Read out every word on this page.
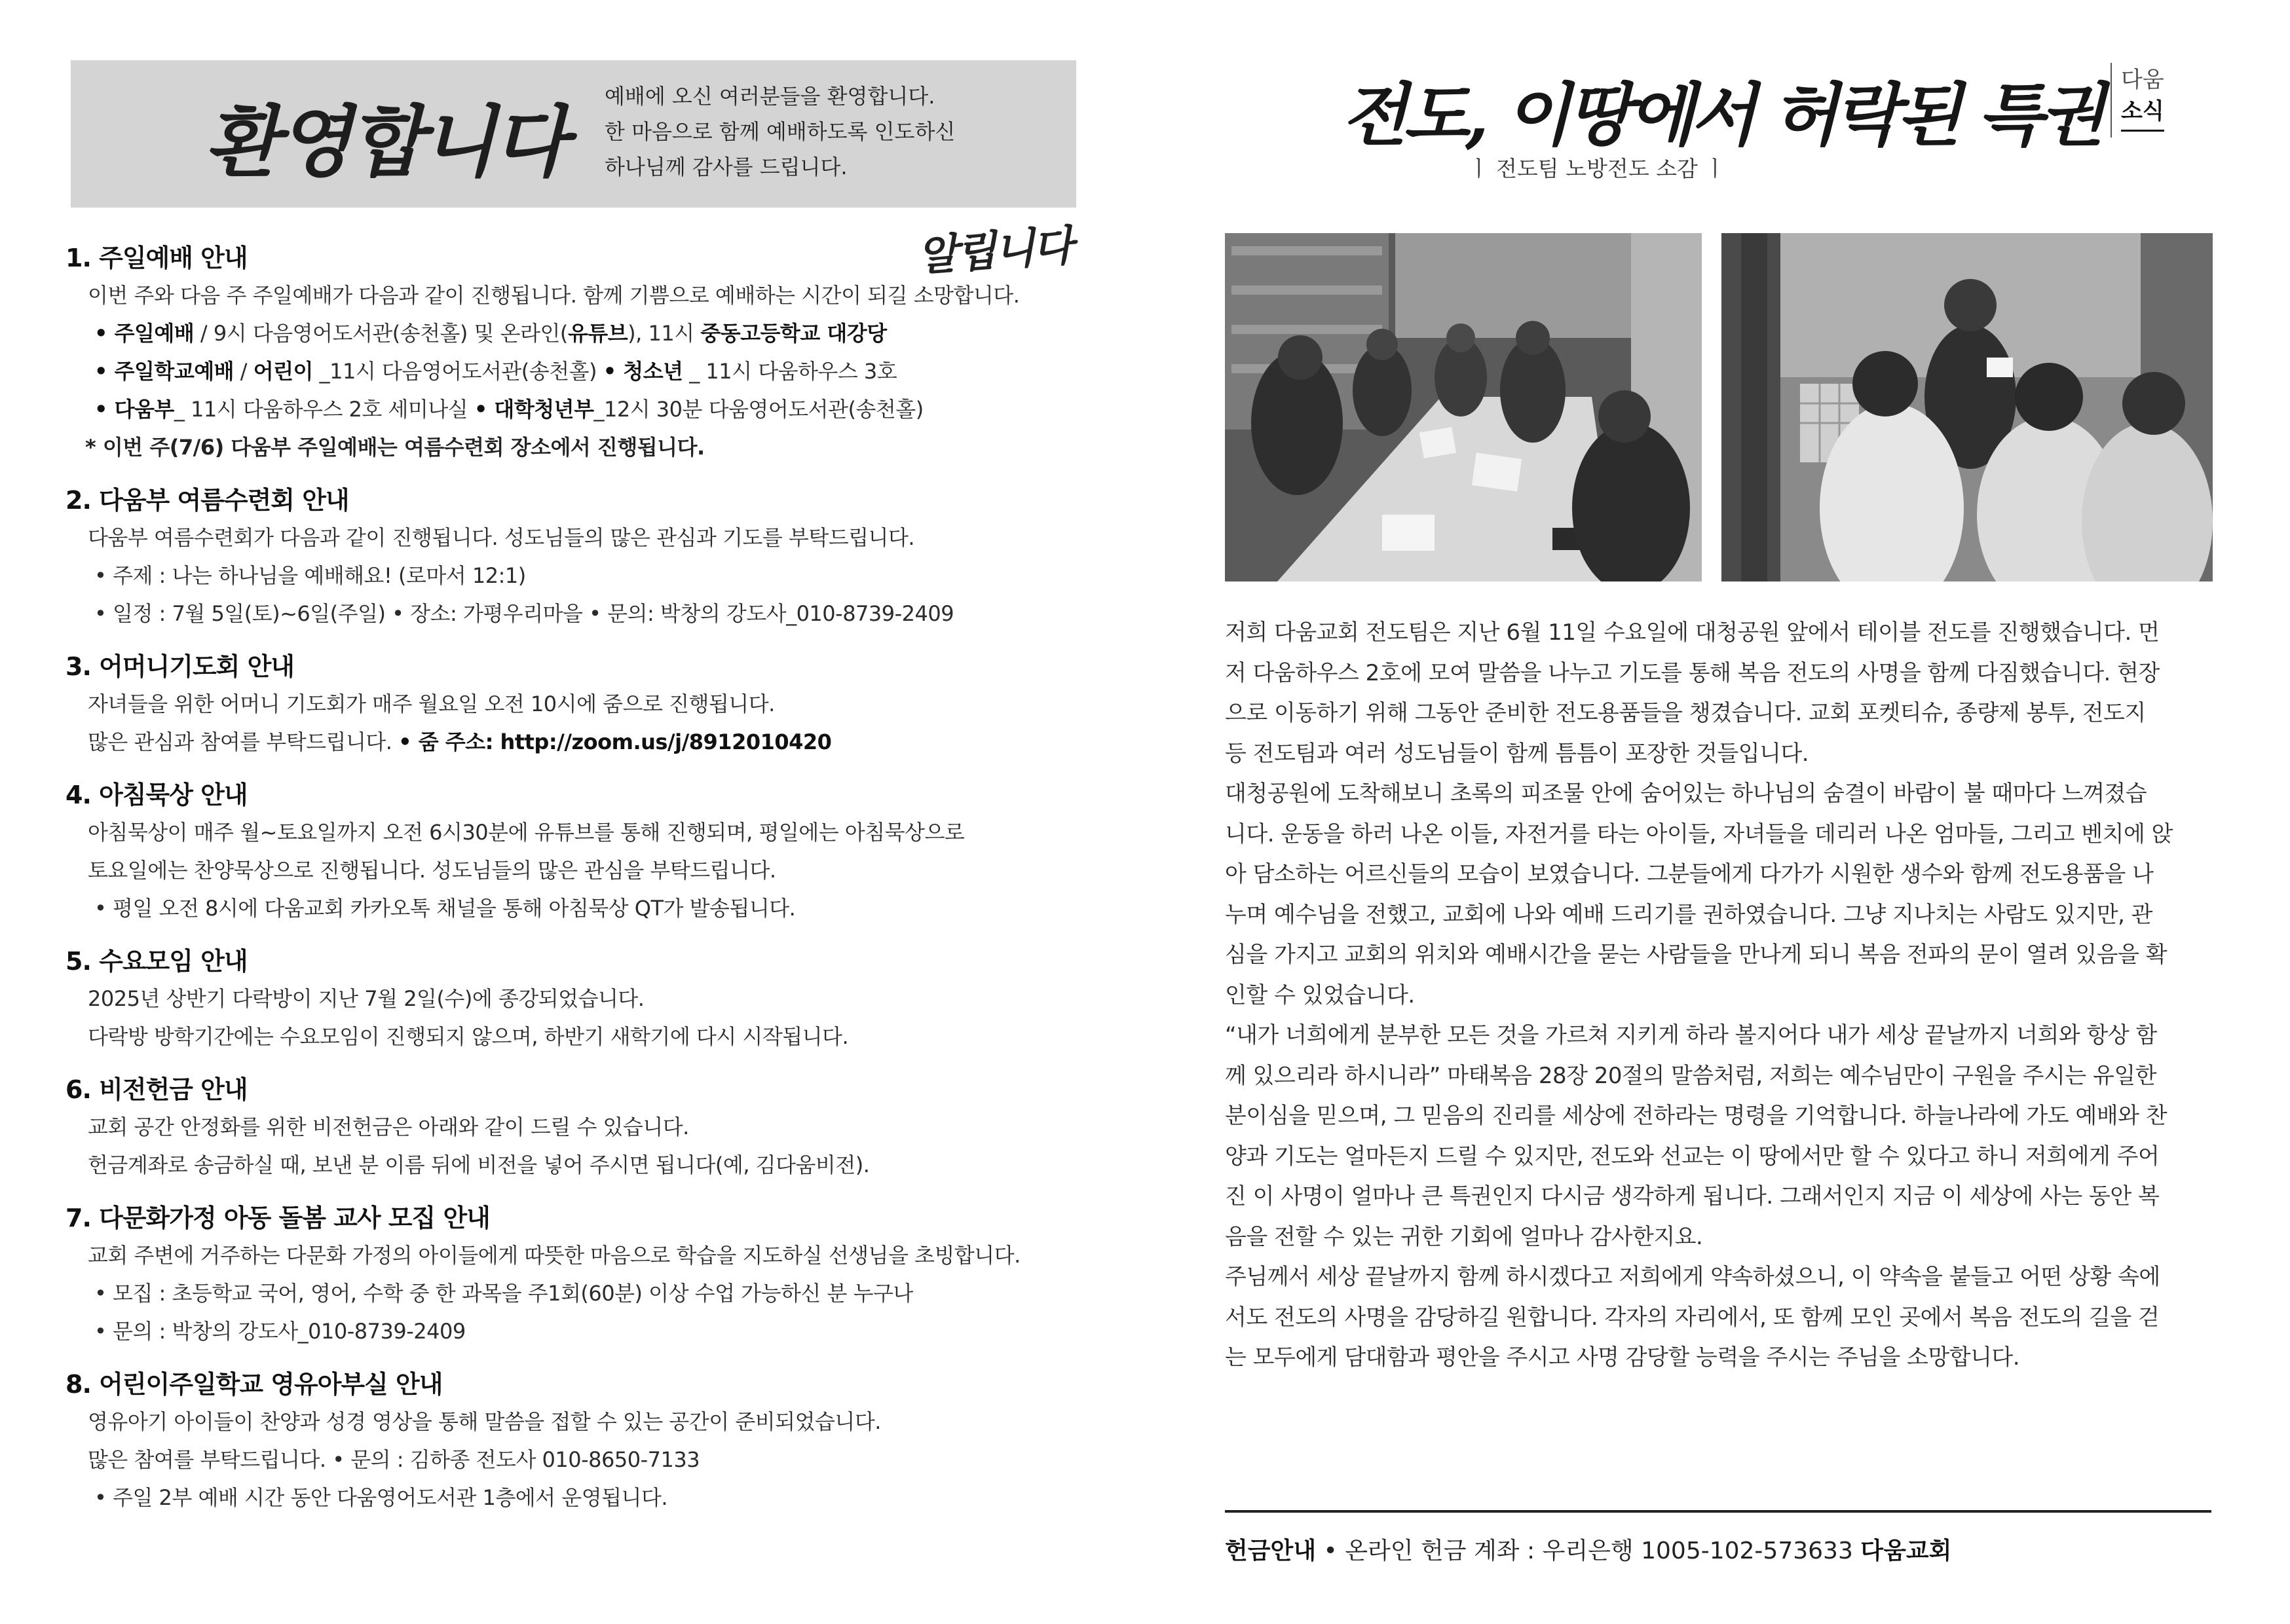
환영합니다 예배에 오신 여러분들을 환영합니다.
한 마음으로 함께 예배하도록 인도하신
하나님께 감사를 드립니다.
알립니다
1. 주일예배 안내
이번 주와 다음 주 주일예배가 다음과 같이 진행됩니다. 함께 기쁨으로 예배하는 시간이 되길 소망합니다.
• 주일예배 / 9시 다음영어도서관(송천홀) 및 온라인(유튜브), 11시 중동고등학교 대강당
• 주일학교예배 / 어린이 _11시 다음영어도서관(송천홀) • 청소년 _ 11시 다움하우스 3호
• 다움부_ 11시 다움하우스 2호 세미나실 • 대학청년부_12시 30분 다움영어도서관(송천홀)
* 이번 주(7/6) 다움부 주일예배는 여름수련회 장소에서 진행됩니다.
2. 다움부 여름수련회 안내
다움부 여름수련회가 다음과 같이 진행됩니다. 성도님들의 많은 관심과 기도를 부탁드립니다.
• 주제 : 나는 하나님을 예배해요! (로마서 12:1)
• 일정 : 7월 5일(토)~6일(주일) • 장소: 가평우리마을 • 문의: 박창의 강도사_010-8739-2409
3. 어머니기도회 안내
자녀들을 위한 어머니 기도회가 매주 월요일 오전 10시에 줌으로 진행됩니다.
많은 관심과 참여를 부탁드립니다. • 줌 주소: http://zoom.us/j/8912010420
4. 아침묵상 안내
아침묵상이 매주 월~토요일까지 오전 6시30분에 유튜브를 통해 진행되며, 평일에는 아침묵상으로
토요일에는 찬양묵상으로 진행됩니다. 성도님들의 많은 관심을 부탁드립니다.
• 평일 오전 8시에 다움교회 카카오톡 채널을 통해 아침묵상 QT가 발송됩니다.
5. 수요모임 안내
2025년 상반기 다락방이 지난 7월 2일(수)에 종강되었습니다.
다락방 방학기간에는 수요모임이 진행되지 않으며, 하반기 새학기에 다시 시작됩니다.
6. 비전헌금 안내
교회 공간 안정화를 위한 비전헌금은 아래와 같이 드릴 수 있습니다.
헌금계좌로 송금하실 때, 보낸 분 이름 뒤에 비전을 넣어 주시면 됩니다(예, 김다움비전).
7. 다문화가정 아동 돌봄 교사 모집 안내
교회 주변에 거주하는 다문화 가정의 아이들에게 따뜻한 마음으로 학습을 지도하실 선생님을 초빙합니다.
• 모집 : 초등학교 국어, 영어, 수학 중 한 과목을 주1회(60분) 이상 수업 가능하신 분 누구나
• 문의 : 박창의 강도사_010-8739-2409
8. 어린이주일학교 영유아부실 안내
영유아기 아이들이 찬양과 성경 영상을 통해 말씀을 접할 수 있는 공간이 준비되었습니다.
많은 참여를 부탁드립니다. • 문의 : 김하종 전도사 010-8650-7133
• 주일 2부 예배 시간 동안 다움영어도서관 1층에서 운영됩니다.
전도, 이땅에서 허락된 특권
ㅣ 전도팀 노방전도 소감 ㅣ
다움
소식
저희 다움교회 전도팀은 지난 6월 11일 수요일에 대청공원 앞에서 테이블 전도를 진행했습니다. 먼
저 다움하우스 2호에 모여 말씀을 나누고 기도를 통해 복음 전도의 사명을 함께 다짐했습니다. 현장
으로 이동하기 위해 그동안 준비한 전도용품들을 챙겼습니다. 교회 포켓티슈, 종량제 봉투, 전도지
등 전도팀과 여러 성도님들이 함께 틈틈이 포장한 것들입니다.
대청공원에 도착해보니 초록의 피조물 안에 숨어있는 하나님의 숨결이 바람이 불 때마다 느껴졌습
니다. 운동을 하러 나온 이들, 자전거를 타는 아이들, 자녀들을 데리러 나온 엄마들, 그리고 벤치에 앉
아 담소하는 어르신들의 모습이 보였습니다. 그분들에게 다가가 시원한 생수와 함께 전도용품을 나
누며 예수님을 전했고, 교회에 나와 예배 드리기를 권하였습니다. 그냥 지나치는 사람도 있지만, 관
심을 가지고 교회의 위치와 예배시간을 묻는 사람들을 만나게 되니 복음 전파의 문이 열려 있음을 확
인할 수 있었습니다.
“내가 너희에게 분부한 모든 것을 가르쳐 지키게 하라 볼지어다 내가 세상 끝날까지 너희와 항상 함
께 있으리라 하시니라” 마태복음 28장 20절의 말씀처럼, 저희는 예수님만이 구원을 주시는 유일한
분이심을 믿으며, 그 믿음의 진리를 세상에 전하라는 명령을 기억합니다. 하늘나라에 가도 예배와 찬
양과 기도는 얼마든지 드릴 수 있지만, 전도와 선교는 이 땅에서만 할 수 있다고 하니 저희에게 주어
진 이 사명이 얼마나 큰 특권인지 다시금 생각하게 됩니다. 그래서인지 지금 이 세상에 사는 동안 복
음을 전할 수 있는 귀한 기회에 얼마나 감사한지요.
주님께서 세상 끝날까지 함께 하시겠다고 저희에게 약속하셨으니, 이 약속을 붙들고 어떤 상황 속에
서도 전도의 사명을 감당하길 원합니다. 각자의 자리에서, 또 함께 모인 곳에서 복음 전도의 길을 걷
는 모두에게 담대함과 평안을 주시고 사명 감당할 능력을 주시는 주님을 소망합니다.
헌금안내 • 온라인 헌금 계좌 : 우리은행 1005-102-573633 다움교회
